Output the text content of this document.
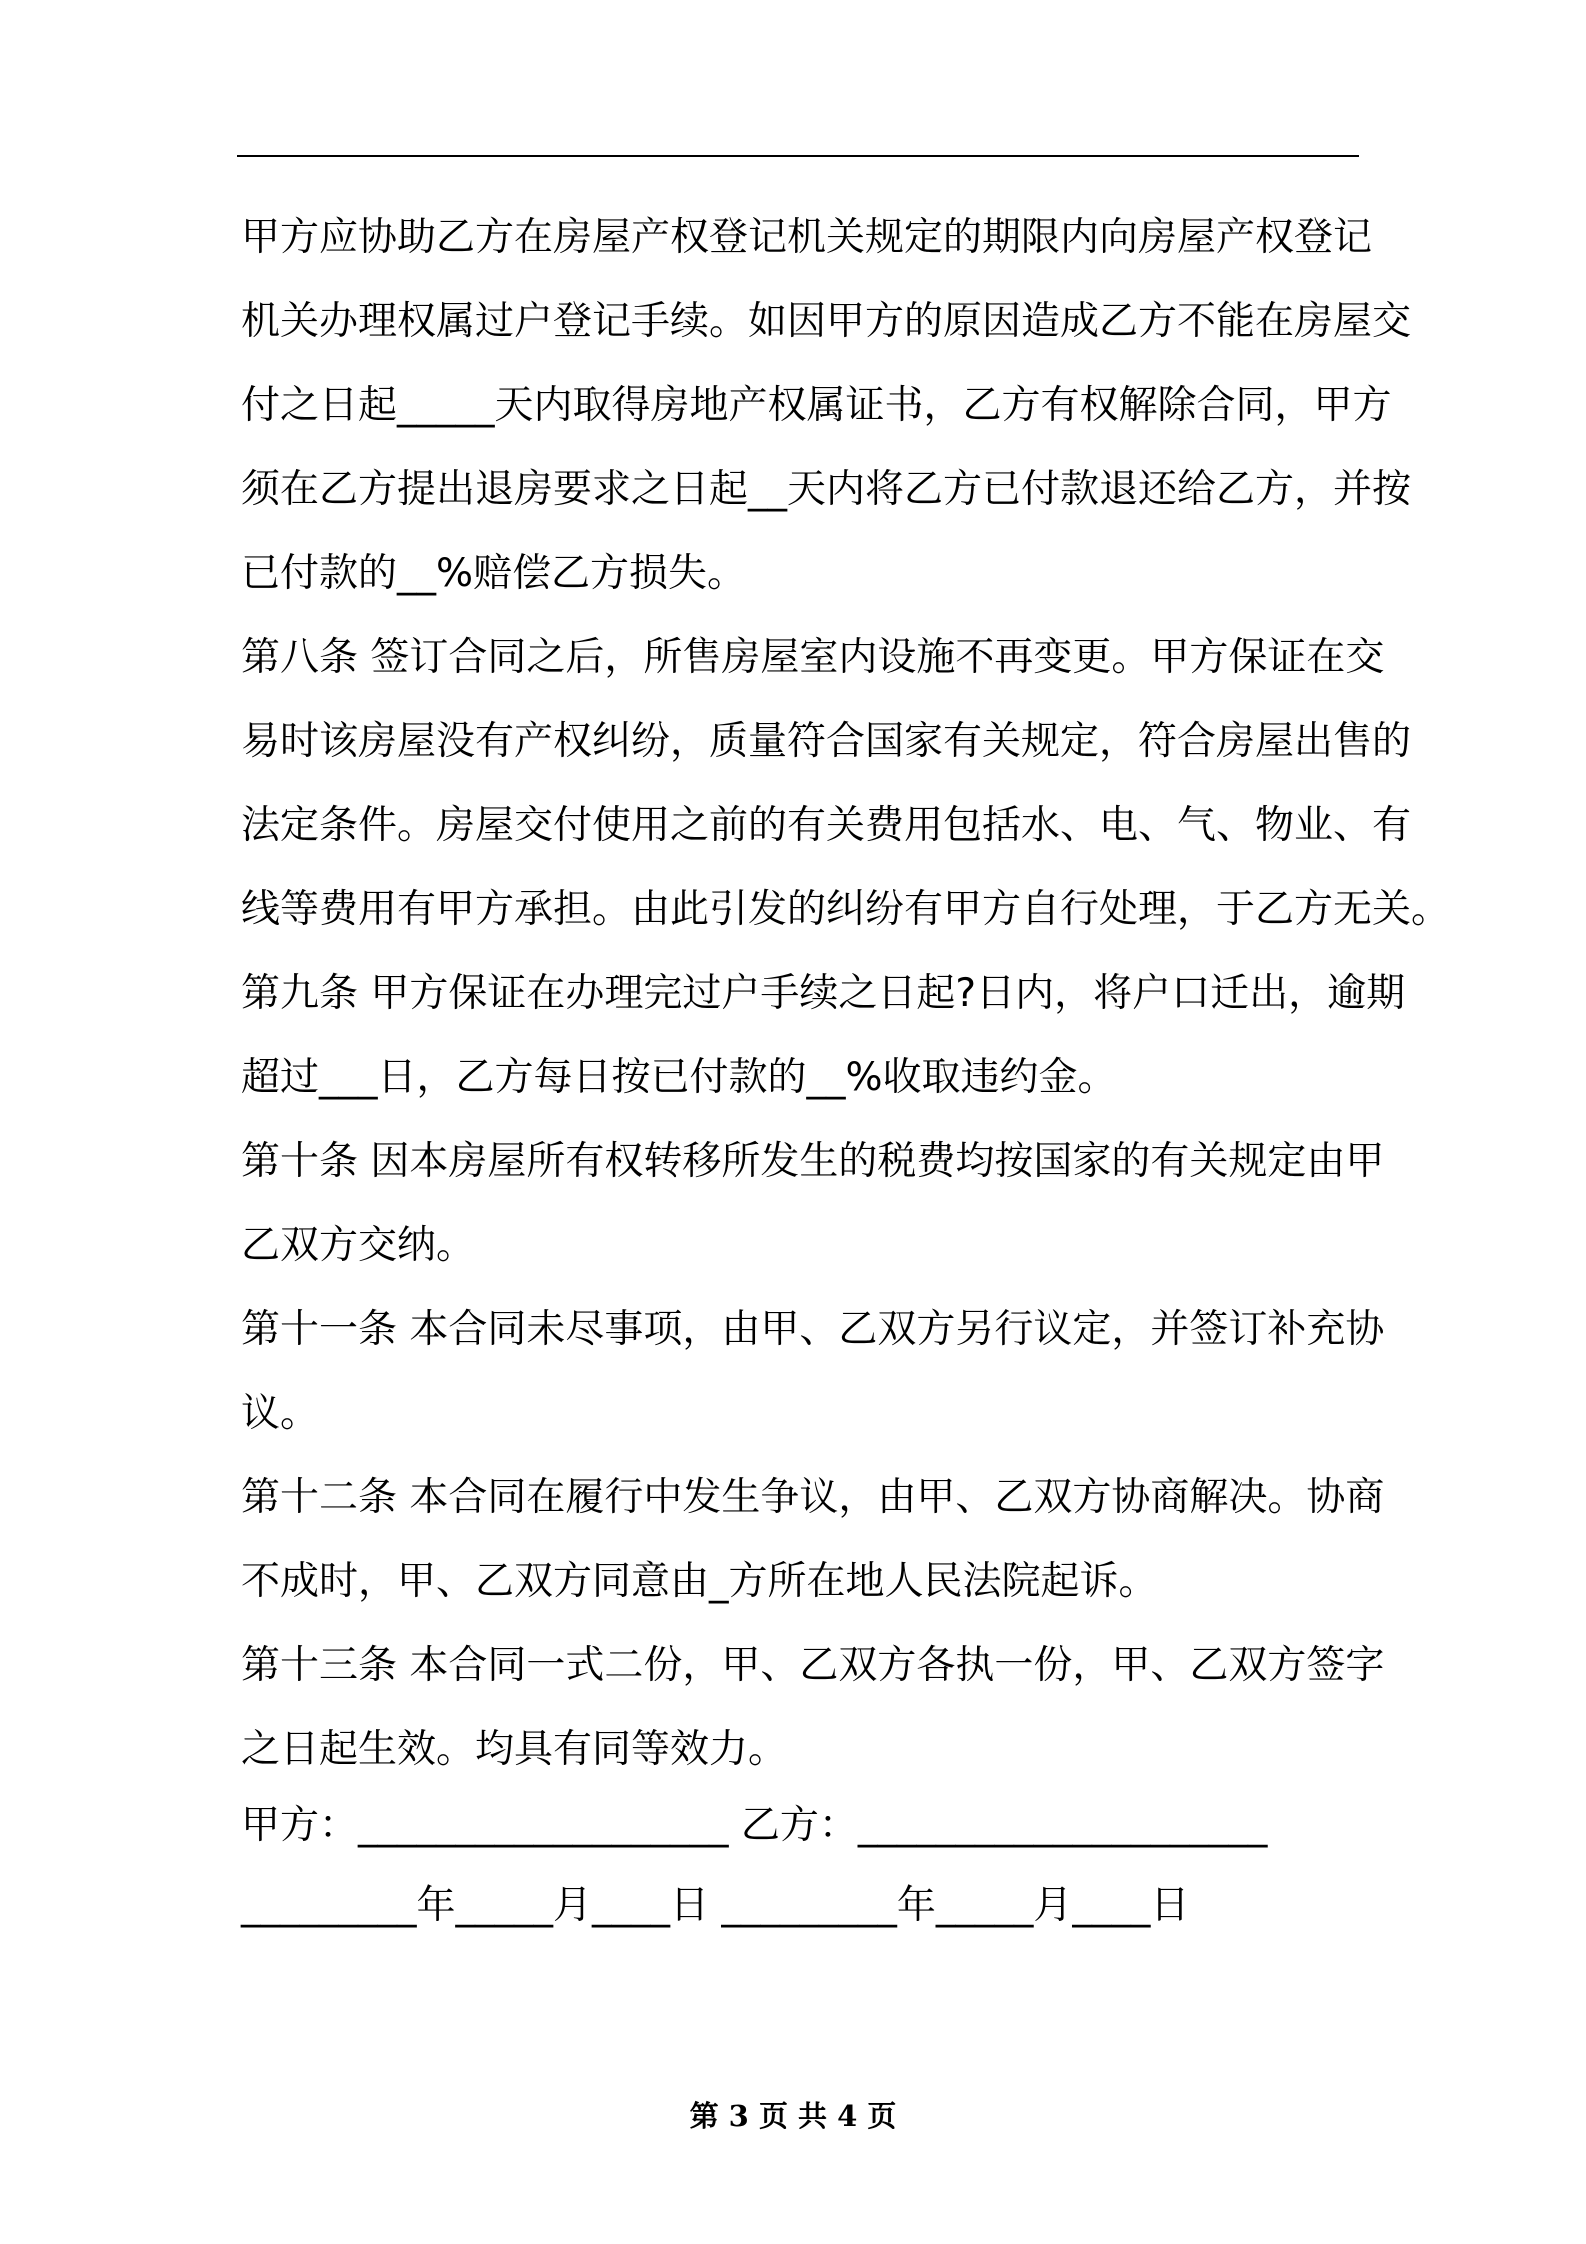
甲方应协助乙方在房屋产权登记机关规定的期限内向房屋产权登记
机关办理权属过户登记手续。如因甲方的原因造成乙方不能在房屋交
付之日起_____天内取得房地产权属证书，乙方有权解除合同，甲方
须在乙方提出退房要求之日起__天内将乙方已付款退还给乙方，并按
已付款的__%赔偿乙方损失。
第八条 签订合同之后，所售房屋室内设施不再变更。甲方保证在交
易时该房屋没有产权纠纷，质量符合国家有关规定，符合房屋出售的
法定条件。房屋交付使用之前的有关费用包括水、电、气、物业、有
线等费用有甲方承担。由此引发的纠纷有甲方自行处理，于乙方无关。
第九条 甲方保证在办理完过户手续之日起?日内，将户口迁出，逾期
超过___日，乙方每日按已付款的__%收取违约金。
第十条 因本房屋所有权转移所发生的税费均按国家的有关规定由甲
乙双方交纳。
第十一条 本合同未尽事项，由甲、乙双方另行议定，并签订补充协
议。
第十二条 本合同在履行中发生争议，由甲、乙双方协商解决。协商
不成时，甲、乙双方同意由_方所在地人民法院起诉。
第十三条 本合同一式二份，甲、乙双方各执一份，甲、乙双方签字
之日起生效。均具有同等效力。
甲方：___________________ 乙方：_____________________
_________年_____月____日 _________年_____月____日
第 3 页 共 4 页
